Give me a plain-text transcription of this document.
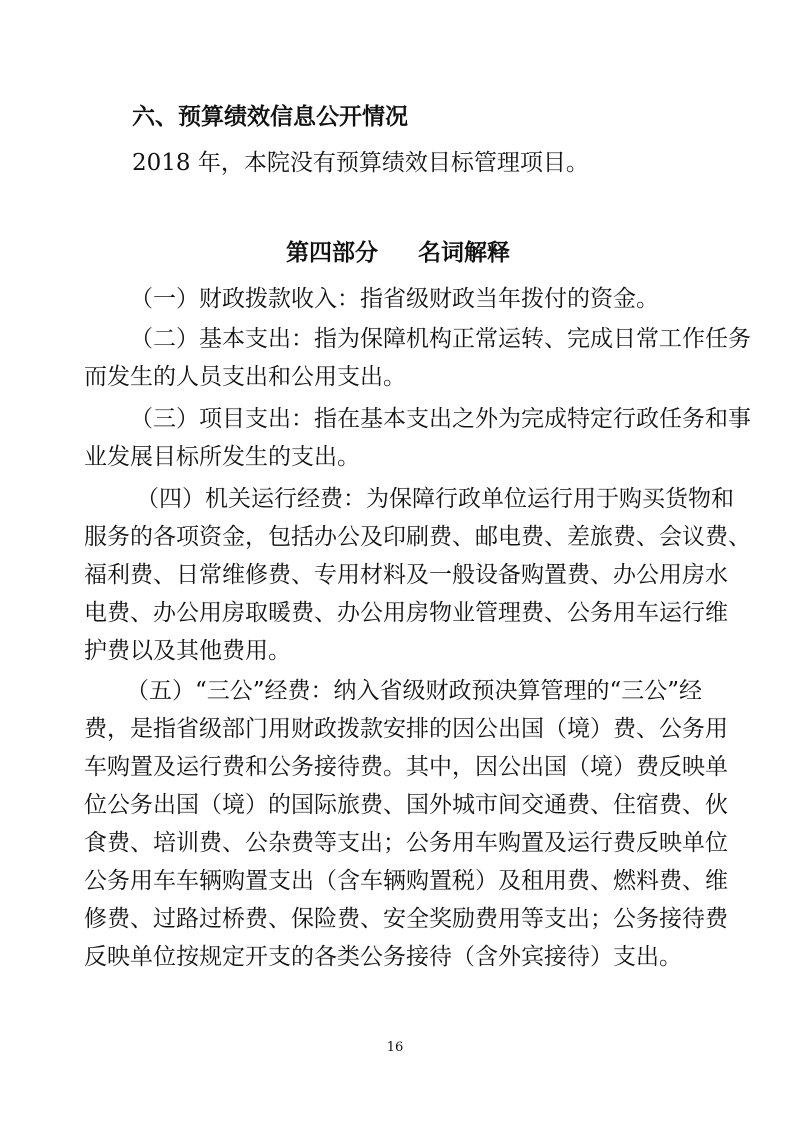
六、预算绩效信息公开情况
2018 年，本院没有预算绩效目标管理项目。
第四部分 名词解释
（一）财政拨款收入：指省级财政当年拨付的资金。
（二）基本支出：指为保障机构正常运转、完成日常工作任务
而发生的人员支出和公用支出。
（三）项目支出：指在基本支出之外为完成特定行政任务和事
业发展目标所发生的支出。
（四）机关运行经费：为保障行政单位运行用于购买货物和
服务的各项资金，包括办公及印刷费、邮电费、差旅费、会议费、
福利费、日常维修费、专用材料及一般设备购置费、办公用房水
电费、办公用房取暖费、办公用房物业管理费、公务用车运行维
护费以及其他费用。
（五）“三公”经费：纳入省级财政预决算管理的“三公”经
费，是指省级部门用财政拨款安排的因公出国（境）费、公务用
车购置及运行费和公务接待费。其中，因公出国（境）费反映单
位公务出国（境）的国际旅费、国外城市间交通费、住宿费、伙
食费、培训费、公杂费等支出；公务用车购置及运行费反映单位
公务用车车辆购置支出（含车辆购置税）及租用费、燃料费、维
修费、过路过桥费、保险费、安全奖励费用等支出；公务接待费
反映单位按规定开支的各类公务接待（含外宾接待）支出。
16
